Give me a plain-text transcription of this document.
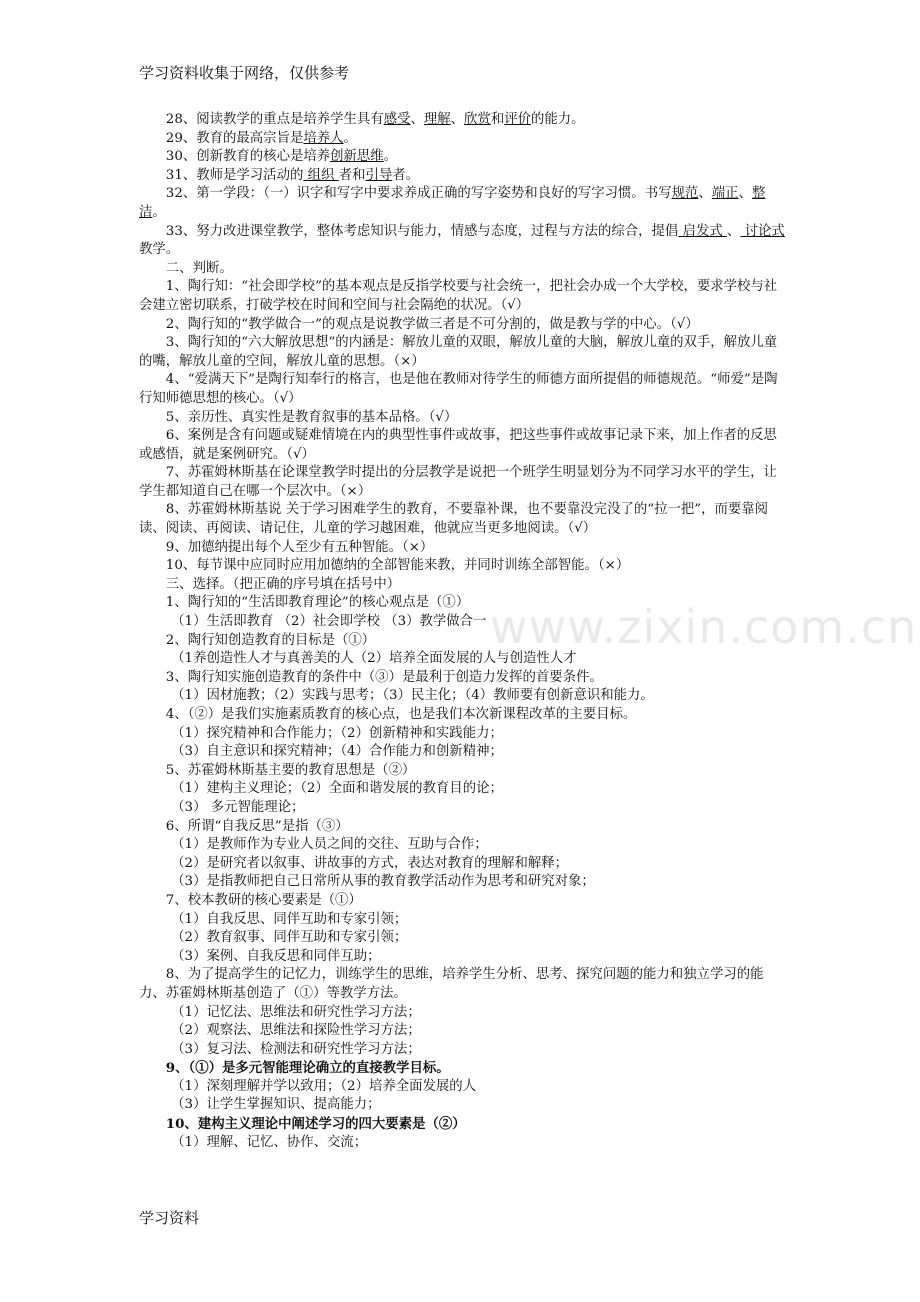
学习资料收集于网络，仅供参考
www.zixin.com.cn

28、阅读教学的重点是培养学生具有感受、理解、欣赏和评价的能力。

29、教育的最高宗旨是培养人。

30、创新教育的核心是培养创新思维。

31、教师是学习活动的 组织 者和引导者。

32、第一学段：（一）识字和写字中要求养成正确的写字姿势和良好的写字习惯。书写规范、端正、整洁。

33、努力改进课堂教学，整体考虑知识与能力，情感与态度，过程与方法的综合，提倡 启发式 、 讨论式 教学。

二、判断。

1、陶行知：“社会即学校”的基本观点是反指学校要与社会统一，把社会办成一个大学校，要求学校与社会建立密切联系，打破学校在时间和空间与社会隔绝的状况。（√）

2、陶行知的“教学做合一”的观点是说教学做三者是不可分割的，做是教与学的中心。（√）

3、陶行知的“六大解放思想”的内涵是：解放儿童的双眼，解放儿童的大脑，解放儿童的双手，解放儿童的嘴，解放儿童的空间，解放儿童的思想。（×）

4、“爱满天下”是陶行知奉行的格言，也是他在教师对待学生的师德方面所提倡的师德规范。“师爱”是陶行知师德思想的核心。（√）

5、亲历性、真实性是教育叙事的基本品格。（√）

6、案例是含有问题或疑难情境在内的典型性事件或故事，把这些事件或故事记录下来，加上作者的反思或感悟，就是案例研究。（√）

7、苏霍姆林斯基在论课堂教学时提出的分层教学是说把一个班学生明显划分为不同学习水平的学生，让学生都知道自己在哪一个层次中。（×）

8、苏霍姆林斯基说 关于学习困难学生的教育，不要靠补课，也不要靠没完没了的“拉一把”，而要靠阅读、阅读、再阅读、请记住，儿童的学习越困难，他就应当更多地阅读。（√）

9、加德纳提出每个人至少有五种智能。（×）

10、每节课中应同时应用加德纳的全部智能来教，并同时训练全部智能。（×）

三、选择。（把正确的序号填在括号中）

1、陶行知的“生活即教育理论”的核心观点是（①）

（1）生活即教育 （2）社会即学校 （3）教学做合一

2、陶行知创造教育的目标是（①）

（1养创造性人才与真善美的人（2）培养全面发展的人与创造性人才

3、陶行知实施创造教育的条件中（③）是最利于创造力发挥的首要条件。

（1）因材施教；（2）实践与思考；（3）民主化；（4）教师要有创新意识和能力。

4、（②）是我们实施素质教育的核心点，也是我们本次新课程改革的主要目标。

（1）探究精神和合作能力；（2）创新精神和实践能力；

（3）自主意识和探究精神；（4）合作能力和创新精神；

5、苏霍姆林斯基主要的教育思想是（②）

（1）建构主义理论；（2）全面和谐发展的教育目的论；

（3） 多元智能理论；

6、所谓“自我反思”是指（③）

（1）是教师作为专业人员之间的交往、互助与合作；

（2）是研究者以叙事、讲故事的方式，表达对教育的理解和解释；

（3）是指教师把自己日常所从事的教育教学活动作为思考和研究对象；

7、校本教研的核心要素是（①）

（1）自我反思、同伴互助和专家引领；

（2）教育叙事、同伴互助和专家引领；

（3）案例、自我反思和同伴互助；

8、为了提高学生的记忆力，训练学生的思维，培养学生分析、思考、探究问题的能力和独立学习的能力、苏霍姆林斯基创造了（①）等教学方法。

（1）记忆法、思维法和研究性学习方法；

（2）观察法、思维法和探险性学习方法；

（3）复习法、检测法和研究性学习方法；

9、（①）是多元智能理论确立的直接教学目标。

（1）深刻理解并学以致用；（2）培养全面发展的人

（3）让学生掌握知识、提高能力；

10、建构主义理论中阐述学习的四大要素是（②）

（1）理解、记忆、协作、交流；

学习资料
